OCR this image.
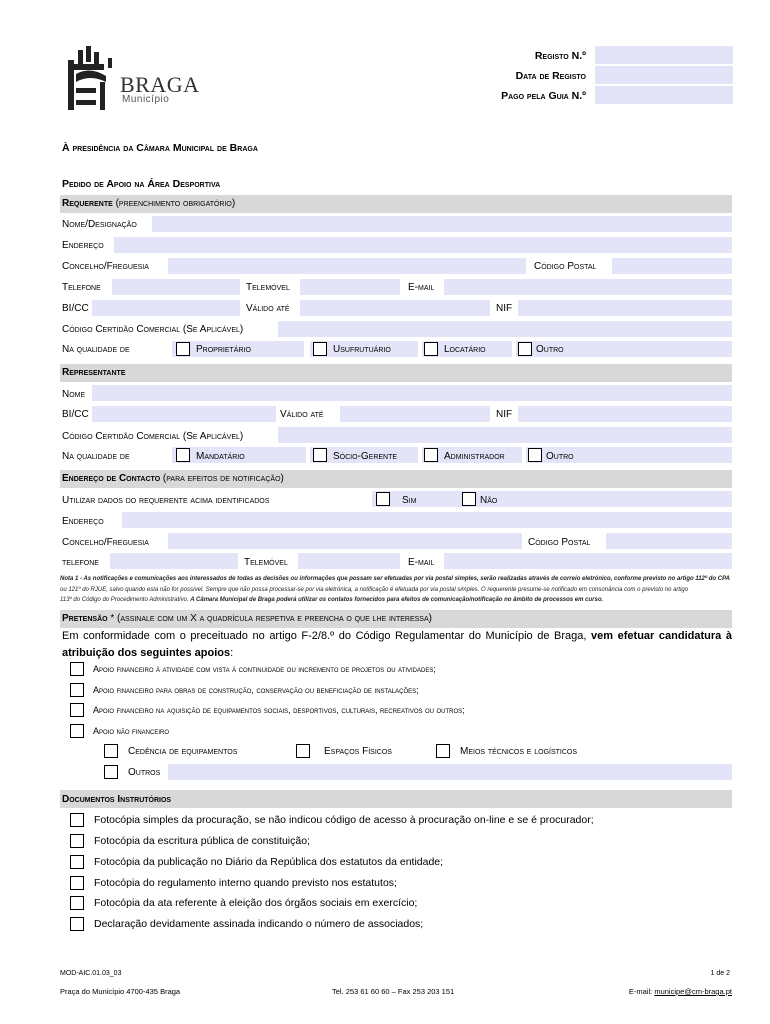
BRAGA
Município
Registo N.º
Data de Registo
Pago pela Guia N.º
À presidência da Câmara Municipal de Braga
Pedido de Apoio na Área Desportiva
Requerente (preenchimento obrigatório)
Nome/Designação
Endereço
Concelho/Freguesia	Código Postal
Telefone	Telemóvel	E-mail
BI/CC	Válido até	NIF
Código Certidão Comercial (Se Aplicável)
Na qualidade de	Proprietário	Usufrutuário	Locatário	Outro
Representante
Nome
BI/CC	Válido até	NIF
Código Certidão Comercial (Se Aplicável)
Na qualidade de	Mandatário	Sócio-Gerente	Administrador	Outro
Endereço de Contacto (para efeitos de notificação)
Utilizar dados do requerente acima identificados	Sim	Não
Endereço
Concelho/Freguesia	Código Postal
telefone	Telemóvel	E-mail
Nota 1 - As notificações e comunicações aos interessados de todas as decisões ou informações que possam ser efetuadas por via postal simples, serão realizadas através de correio eletrónico, conforme previsto no artigo 112º do CPA
ou 121º do RJUE, salvo quando esta não for possível. Sempre que não possa processar-se por via eletrónica, a notificação é efetuada por via postal simples. O requerente presume-se notificado em consonância com o previsto no artigo
113º do Código do Procedimento Administrativo. A Câmara Municipal de Braga poderá utilizar os contatos fornecidos para efeitos de comunicação/notificação no âmbito de processos em curso.
Pretensão * (assinale com um X a quadrícula respetiva e preencha o que lhe interessa)
Em conformidade com o preceituado no artigo F-2/8.º do Código Regulamentar do Município de Braga, vem efetuar candidatura à atribuição dos seguintes apoios:
Apoio financeiro à atividade com vista à continuidade ou incremento de projetos ou atividades;
Apoio financeiro para obras de construção, conservação ou beneficiação de instalações;
Apoio financeiro na aquisição de equipamentos sociais, desportivos, culturais, recreativos ou outros;
Apoio não financeiro
Cedência de equipamentos	Espaços Físicos	Meios técnicos e logísticos
Outros
Documentos Instrutórios
Fotocópia simples da procuração, se não indicou código de acesso à procuração on-line e se é procurador;
Fotocópia da escritura pública de constituição;
Fotocópia da publicação no Diário da República dos estatutos da entidade;
Fotocópia do regulamento interno quando previsto nos estatutos;
Fotocópia da ata referente à eleição dos órgãos sociais em exercício;
Declaração devidamente assinada indicando o número de associados;
MOD-AIC.01.03_03	1 de 2
Praça do Município 4700-435 Braga	Tel. 253 61 60 60 – Fax 253 203 151	E-mail: municipe@cm-braga.pt
